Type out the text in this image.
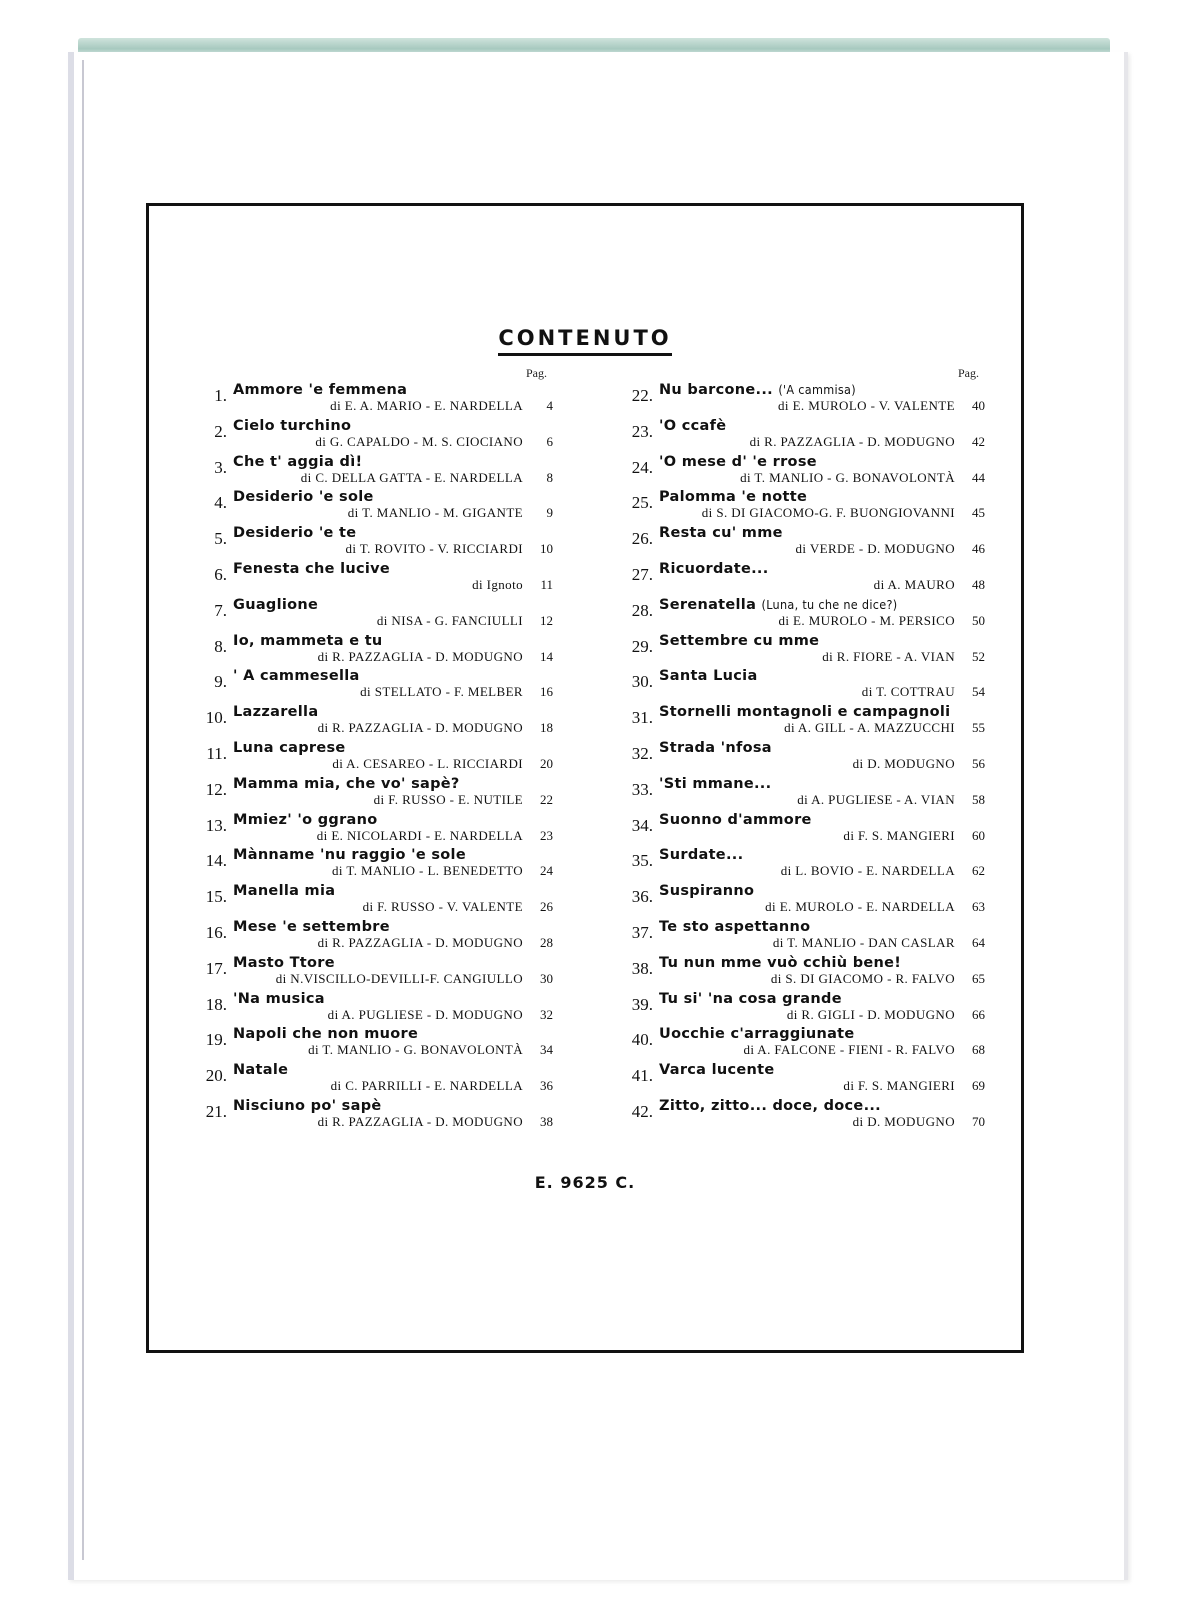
CONTENUTO
Pag.
1. Ammore 'e femmena
di E. A. MARIO - E. NARDELLA	4
2. Cielo turchino
di G. CAPALDO - M. S. CIOCIANO	6
3. Che t' aggia dì!
di C. DELLA GATTA - E. NARDELLA	8
4. Desiderio 'e sole
di T. MANLIO - M. GIGANTE	9
5. Desiderio 'e te
di T. ROVITO - V. RICCIARDI	10
6. Fenesta che lucive
di Ignoto	11
7. Guaglione
di NISA - G. FANCIULLI	12
8. Io, mammeta e tu
di R. PAZZAGLIA - D. MODUGNO	14
9. ' A cammesella
di STELLATO - F. MELBER	16
10. Lazzarella
di R. PAZZAGLIA - D. MODUGNO	18
11. Luna caprese
di A. CESAREO - L. RICCIARDI	20
12. Mamma mia, che vo' sapè?
di F. RUSSO - E. NUTILE	22
13. Mmiez' 'o ggrano
di E. NICOLARDI - E. NARDELLA	23
14. Mànname 'nu raggio 'e sole
di T. MANLIO - L. BENEDETTO	24
15. Manella mia
di F. RUSSO - V. VALENTE	26
16. Mese 'e settembre
di R. PAZZAGLIA - D. MODUGNO	28
17. Masto Ttore
di N.VISCILLO-DEVILLI-F. CANGIULLO	30
18. 'Na musica
di A. PUGLIESE - D. MODUGNO	32
19. Napoli che non muore
di T. MANLIO - G. BONAVOLONTÀ	34
20. Natale
di C. PARRILLI - E. NARDELLA	36
21. Nisciuno po' sapè
di R. PAZZAGLIA - D. MODUGNO	38
Pag.
22. Nu barcone... ('A cammisa)
di E. MUROLO - V. VALENTE	40
23. 'O ccafè
di R. PAZZAGLIA - D. MODUGNO	42
24. 'O mese d' 'e rrose
di T. MANLIO - G. BONAVOLONTÀ	44
25. Palomma 'e notte
di S. DI GIACOMO-G. F. BUONGIOVANNI	45
26. Resta cu' mme
di VERDE - D. MODUGNO	46
27. Ricuordate...
di A. MAURO	48
28. Serenatella (Luna, tu che ne dice?)
di E. MUROLO - M. PERSICO	50
29. Settembre cu mme
di R. FIORE - A. VIAN	52
30. Santa Lucia
di T. COTTRAU	54
31. Stornelli montagnoli e campagnoli
di A. GILL - A. MAZZUCCHI	55
32. Strada 'nfosa
di D. MODUGNO	56
33. 'Sti mmane...
di A. PUGLIESE - A. VIAN	58
34. Suonno d'ammore
di F. S. MANGIERI	60
35. Surdate...
di L. BOVIO - E. NARDELLA	62
36. Suspiranno
di E. MUROLO - E. NARDELLA	63
37. Te sto aspettanno
di T. MANLIO - DAN CASLAR	64
38. Tu nun mme vuò cchiù bene!
di S. DI GIACOMO - R. FALVO	65
39. Tu si' 'na cosa grande
di R. GIGLI - D. MODUGNO	66
40. Uocchie c'arraggiunate
di A. FALCONE - FIENI - R. FALVO	68
41. Varca lucente
di F. S. MANGIERI	69
42. Zitto, zitto... doce, doce...
di D. MODUGNO	70
E. 9625 C.
